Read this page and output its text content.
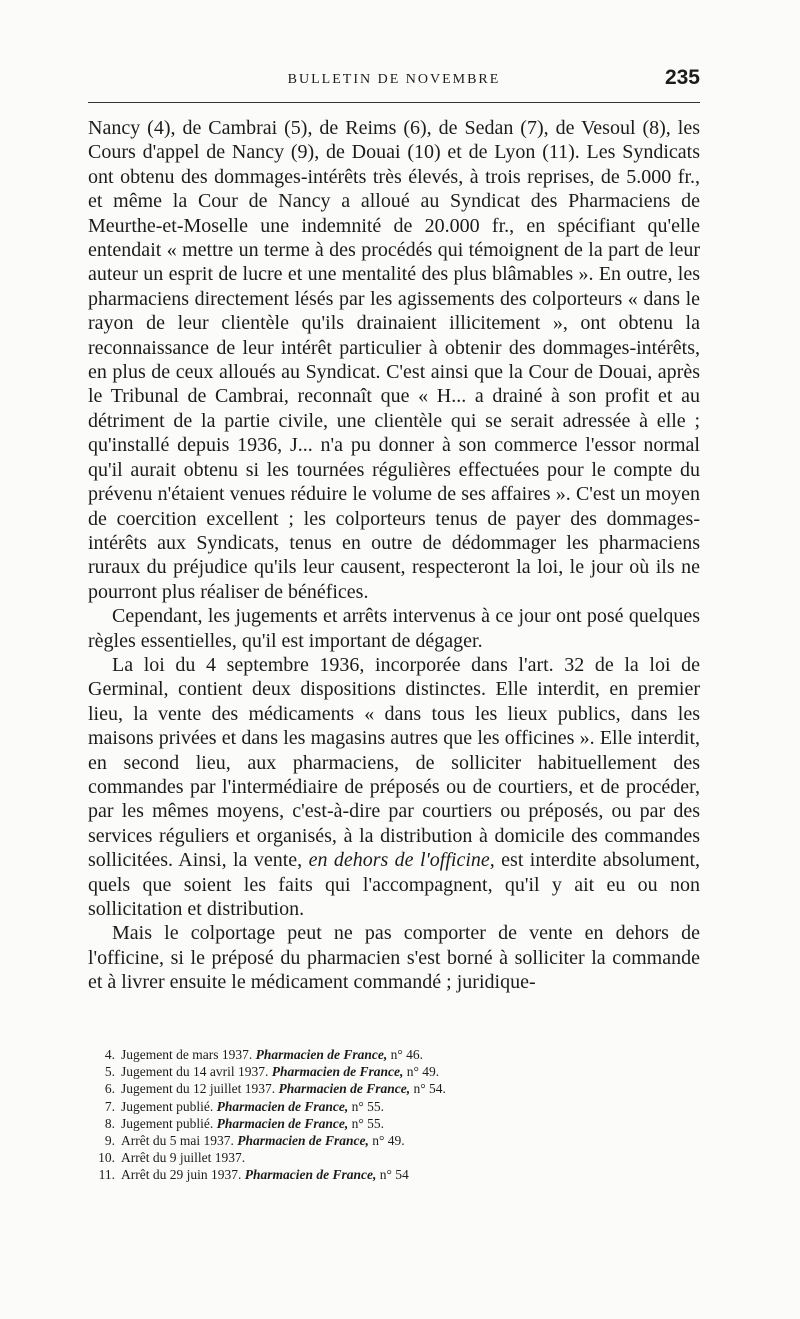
BULLETIN DE NOVEMBRE	235

Nancy (4), de Cambrai (5), de Reims (6), de Sedan (7), de Vesoul (8), les Cours d'appel de Nancy (9), de Douai (10) et de Lyon (11). Les Syndicats ont obtenu des dommages-intérêts très élevés, à trois reprises, de 5.000 fr., et même la Cour de Nancy a alloué au Syndicat des Pharmaciens de Meurthe-et-Moselle une indemnité de 20.000 fr., en spécifiant qu'elle entendait « mettre un terme à des procédés qui témoignent de la part de leur auteur un esprit de lucre et une mentalité des plus blâmables ». En outre, les pharmaciens directement lésés par les agissements des colporteurs « dans le rayon de leur clientèle qu'ils drainaient illicitement », ont obtenu la reconnaissance de leur intérêt particulier à obtenir des dommages-intérêts, en plus de ceux alloués au Syndicat. C'est ainsi que la Cour de Douai, après le Tribunal de Cambrai, reconnaît que « H... a drainé à son profit et au détriment de la partie civile, une clientèle qui se serait adressée à elle ; qu'installé depuis 1936, J... n'a pu donner à son commerce l'essor normal qu'il aurait obtenu si les tournées régulières effectuées pour le compte du prévenu n'étaient venues réduire le volume de ses affaires ». C'est un moyen de coercition excellent ; les colporteurs tenus de payer des dommages-intérêts aux Syndicats, tenus en outre de dédommager les pharmaciens ruraux du préjudice qu'ils leur causent, respecteront la loi, le jour où ils ne pourront plus réaliser de bénéfices.

Cependant, les jugements et arrêts intervenus à ce jour ont posé quelques règles essentielles, qu'il est important de dégager.

La loi du 4 septembre 1936, incorporée dans l'art. 32 de la loi de Germinal, contient deux dispositions distinctes. Elle interdit, en premier lieu, la vente des médicaments « dans tous les lieux publics, dans les maisons privées et dans les magasins autres que les officines ». Elle interdit, en second lieu, aux pharmaciens, de solliciter habituellement des commandes par l'intermédiaire de préposés ou de courtiers, et de procéder, par les mêmes moyens, c'est-à-dire par courtiers ou préposés, ou par des services réguliers et organisés, à la distribution à domicile des commandes sollicitées. Ainsi, la vente, en dehors de l'officine, est interdite absolument, quels que soient les faits qui l'accompagnent, qu'il y ait eu ou non sollicitation et distribution.

Mais le colportage peut ne pas comporter de vente en dehors de l'officine, si le préposé du pharmacien s'est borné à solliciter la commande et à livrer ensuite le médicament commandé ; juridique-

4. Jugement de mars 1937. Pharmacien de France, n° 46.
5. Jugement du 14 avril 1937. Pharmacien de France, n° 49.
6. Jugement du 12 juillet 1937. Pharmacien de France, n° 54.
7. Jugement publié. Pharmacien de France, n° 55.
8. Jugement publié. Pharmacien de France, n° 55.
9. Arrêt du 5 mai 1937. Pharmacien de France, n° 49.
10. Arrêt du 9 juillet 1937.
11. Arrêt du 29 juin 1937. Pharmacien de France, n° 54
